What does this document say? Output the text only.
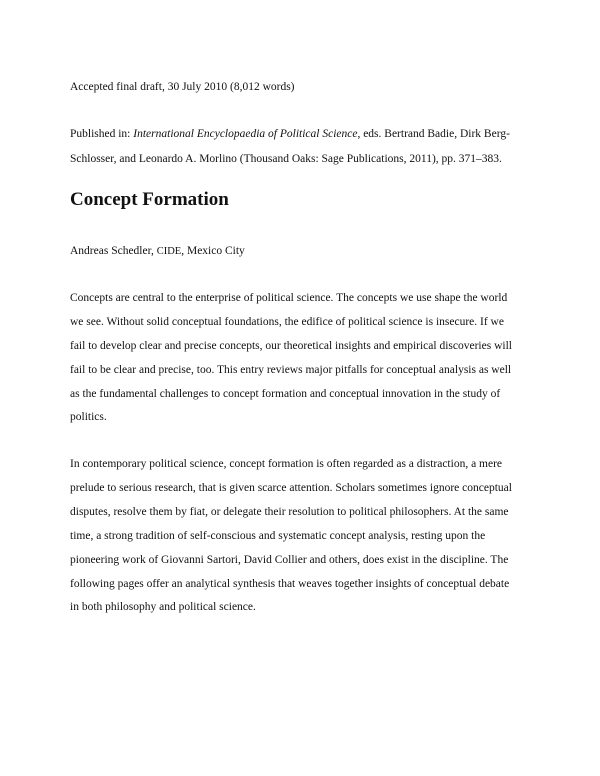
Accepted final draft, 30 July 2010 (8,012 words)

Published in: International Encyclopaedia of Political Science, eds. Bertrand Badie, Dirk Berg-

Schlosser, and Leonardo A. Morlino (Thousand Oaks: Sage Publications, 2011), pp. 371–383.

Concept Formation

Andreas Schedler, CIDE, Mexico City

Concepts are central to the enterprise of political science. The concepts we use shape the world

we see. Without solid conceptual foundations, the edifice of political science is insecure. If we

fail to develop clear and precise concepts, our theoretical insights and empirical discoveries will

fail to be clear and precise, too. This entry reviews major pitfalls for conceptual analysis as well

as the fundamental challenges to concept formation and conceptual innovation in the study of

politics.

In contemporary political science, concept formation is often regarded as a distraction, a mere

prelude to serious research, that is given scarce attention. Scholars sometimes ignore conceptual

disputes, resolve them by fiat, or delegate their resolution to political philosophers. At the same

time, a strong tradition of self-conscious and systematic concept analysis, resting upon the

pioneering work of Giovanni Sartori, David Collier and others, does exist in the discipline. The

following pages offer an analytical synthesis that weaves together insights of conceptual debate

in both philosophy and political science.
